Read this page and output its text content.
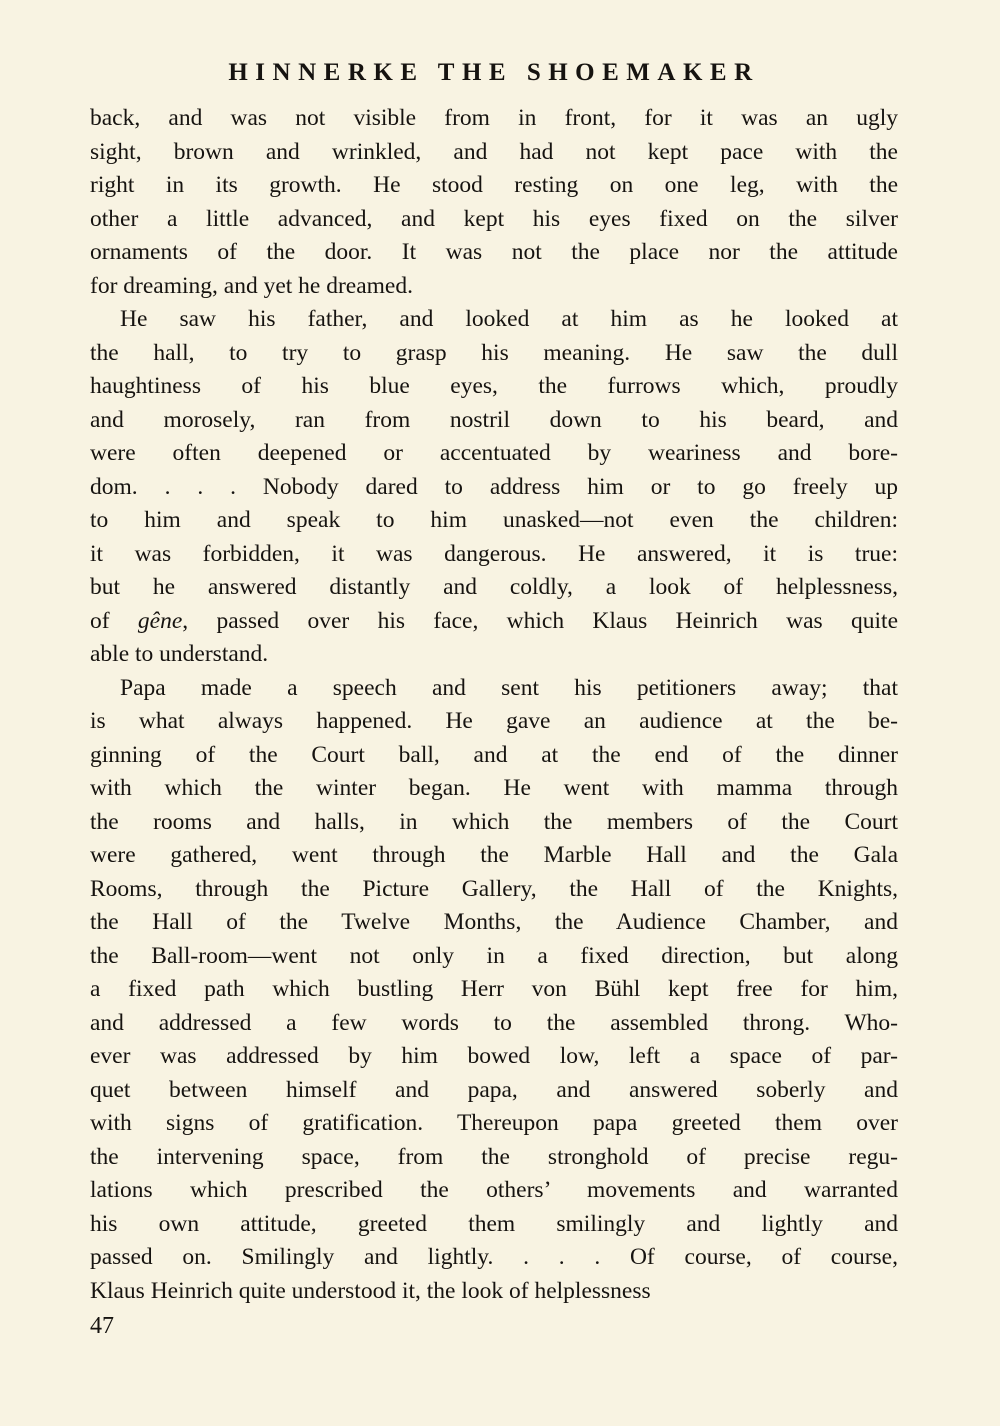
HINNERKE THE SHOEMAKER
back, and was not visible from in front, for it was an ugly
sight, brown and wrinkled, and had not kept pace with the
right in its growth. He stood resting on one leg, with the
other a little advanced, and kept his eyes fixed on the silver
ornaments of the door. It was not the place nor the attitude
for dreaming, and yet he dreamed.
He saw his father, and looked at him as he looked at
the hall, to try to grasp his meaning. He saw the dull
haughtiness of his blue eyes, the furrows which, proudly
and morosely, ran from nostril down to his beard, and
were often deepened or accentuated by weariness and bore-
dom. . . . Nobody dared to address him or to go freely up
to him and speak to him unasked—not even the children:
it was forbidden, it was dangerous. He answered, it is true:
but he answered distantly and coldly, a look of helplessness,
of gêne, passed over his face, which Klaus Heinrich was quite
able to understand.
Papa made a speech and sent his petitioners away; that
is what always happened. He gave an audience at the be-
ginning of the Court ball, and at the end of the dinner
with which the winter began. He went with mamma through
the rooms and halls, in which the members of the Court
were gathered, went through the Marble Hall and the Gala
Rooms, through the Picture Gallery, the Hall of the Knights,
the Hall of the Twelve Months, the Audience Chamber, and
the Ball-room—went not only in a fixed direction, but along
a fixed path which bustling Herr von Bühl kept free for him,
and addressed a few words to the assembled throng. Who-
ever was addressed by him bowed low, left a space of par-
quet between himself and papa, and answered soberly and
with signs of gratification. Thereupon papa greeted them over
the intervening space, from the stronghold of precise regu-
lations which prescribed the others’ movements and warranted
his own attitude, greeted them smilingly and lightly and
passed on. Smilingly and lightly. . . . Of course, of course,
Klaus Heinrich quite understood it, the look of helplessness
47
